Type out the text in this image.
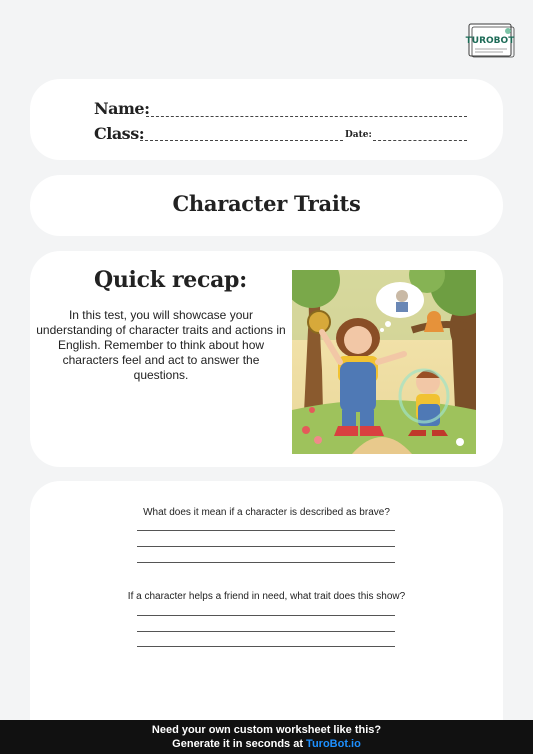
TUROBOT
Name:
Class:	Date:
Character Traits
Quick recap:
In this test, you will showcase your understanding of character traits and actions in English. Remember to think about how characters feel and act to answer the questions.
What does it mean if a character is described as brave?
If a character helps a friend in need, what trait does this show?
Need your own custom worksheet like this?
Generate it in seconds at TuroBot.io
